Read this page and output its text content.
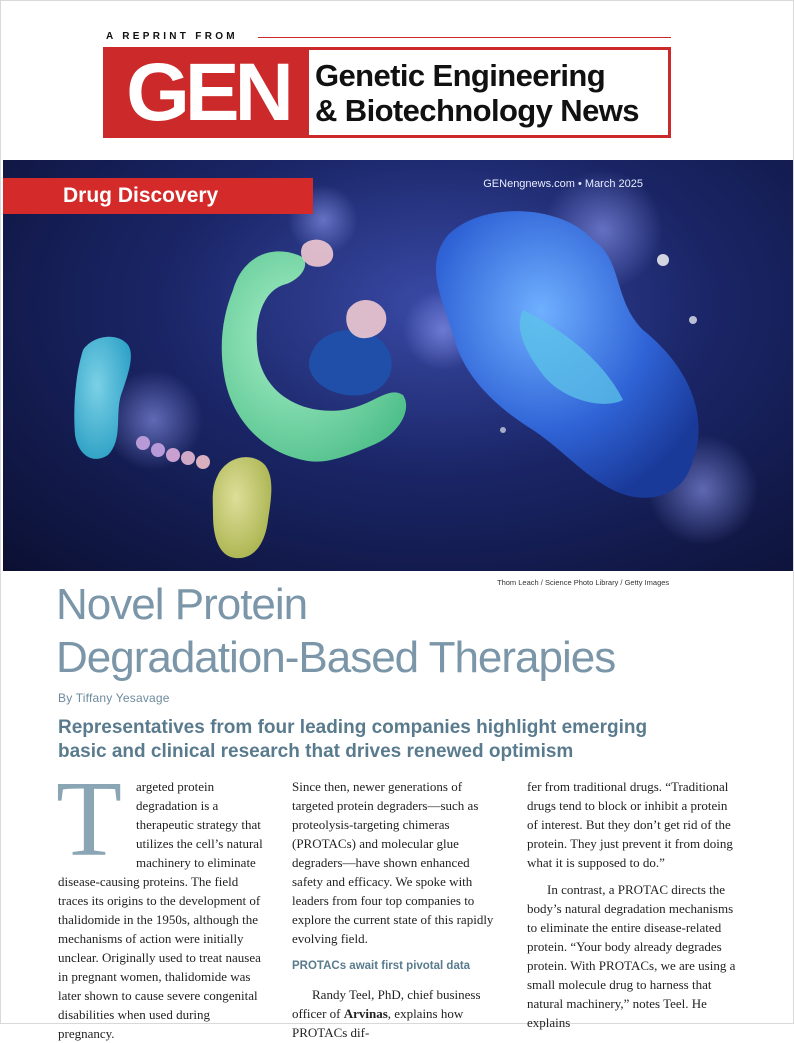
A REPRINT FROM
GEN Genetic Engineering
& Biotechnology News
Drug Discovery	GENengnews.com • March 2025
Thom Leach / Science Photo Library / Getty Images
Novel Protein
Degradation-Based Therapies
By Tiffany Yesavage
Representatives from four leading companies highlight emerging
basic and clinical research that drives renewed optimism

T argeted protein degradation is a therapeutic strategy that utilizes the cell’s natural machinery to eliminate disease-causing proteins. The field traces its origins to the development of thalidomide in the 1950s, although the mechanisms of action were initially unclear. Originally used to treat nausea in pregnant women, thalidomide was later shown to cause severe congenital disabilities when used during pregnancy.

Since then, newer generations of targeted protein degraders—such as proteolysis-targeting chimeras (PROTACs) and molecular glue degraders—have shown enhanced safety and efficacy. We spoke with leaders from four top companies to explore the current state of this rapidly evolving field.

PROTACs await first pivotal data

Randy Teel, PhD, chief business officer of Arvinas, explains how PROTACs dif-

fer from traditional drugs. “Traditional drugs tend to block or inhibit a protein of interest. But they don’t get rid of the protein. They just prevent it from doing what it is supposed to do.”

In contrast, a PROTAC directs the body’s natural degradation mechanisms to eliminate the entire disease-related protein. “Your body already degrades protein. With PROTACs, we are using a small molecule drug to harness that natural machinery,” notes Teel. He explains
